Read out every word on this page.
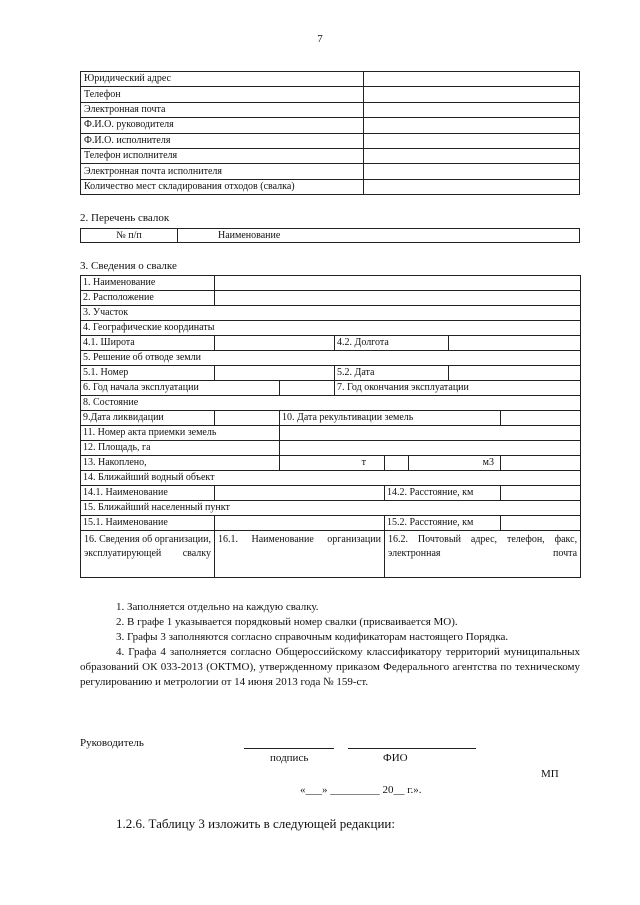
7
Юридический адрес	
Телефон	
Электронная почта	
Ф.И.О. руководителя	
Ф.И.О. исполнителя	
Телефон исполнителя	
Электронная почта исполнителя	
Количество мест складирования отходов (свалка)	
2. Перечень свалок
№ п/п	Наименование
3. Сведения о свалке
1. Наименование							
2. Расположение							
3. Участок							
4. Географические координаты							
4.1. Широта			4.2. Долгота				
5. Решение об отводе земли							
5.1. Номер			5.2. Дата				
6. Год начала эксплуатации			7. Год окончания эксплуатации				
8. Состояние							
9.Дата ликвидации		10. Дата рекультивации земель					
11. Номер акта приемки земель							
12. Площадь, га							
13. Накоплено,		т			м3		
14. Ближайший водный объект							
14.1. Наименование				14.2. Расстояние, км			
15. Ближайший населенный пункт							
15.1. Наименование				15.2. Расстояние, км			
16. Сведения об организации, эксплуатирующей свалку	16.1. Наименование организации			16.2. Почтовый адрес, телефон, факс, электронная почта			

1. Заполняется отдельно на каждую свалку.

2. В графе 1 указывается порядковый номер свалки (присваивается МО).

3. Графы 3 заполняются согласно справочным кодификаторам настоящего Порядка.

4. Графа 4 заполняется согласно Общероссийскому классификатору территорий муниципальных образований ОК 033-2013 (ОКТМО), утвержденному приказом Федерального агентства по техническому регулированию и метрологии от 14 июня 2013 года № 159-ст.

Руководитель
подпись	ФИО
МП
«___» _________ 20__ г.».
1.2.6. Таблицу 3 изложить в следующей редакции:
